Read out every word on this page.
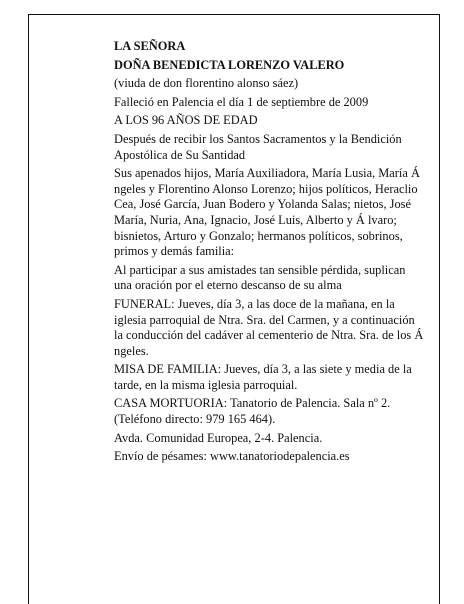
LA SEÑORA

DOÑA BENEDICTA LORENZO VALERO

(viuda de don florentino alonso sáez)

Falleció en Palencia el día 1 de septiembre de 2009

A LOS 96 AÑOS DE EDAD

Después de recibir los Santos Sacramentos y la Bendición Apostólica de Su Santidad

Sus apenados hijos, María Auxiliadora, María Lusia, María Á ngeles y Florentino Alonso Lorenzo; hijos políticos, Heraclio Cea, José García, Juan Bodero y Yolanda Salas; nietos, José María, Nuria, Ana, Ignacio, José Luis, Alberto y Á lvaro; bisnietos, Arturo y Gonzalo; hermanos políticos, sobrinos, primos y demás familia:

Al participar a sus amistades tan sensible pérdida, suplican una oración por el eterno descanso de su alma

FUNERAL: Jueves, día 3, a las doce de la mañana, en la iglesia parroquial de Ntra. Sra. del Carmen, y a continuación la conducción del cadáver al cementerio de Ntra. Sra. de los Á ngeles.

MISA DE FAMILIA: Jueves, día 3, a las siete y media de la tarde, en la misma iglesia parroquial.

CASA MORTUORIA: Tanatorio de Palencia. Sala nº 2. (Teléfono directo: 979 165 464).

Avda. Comunidad Europea, 2-4. Palencia.

Envío de pésames: www.tanatoriodepalencia.es
